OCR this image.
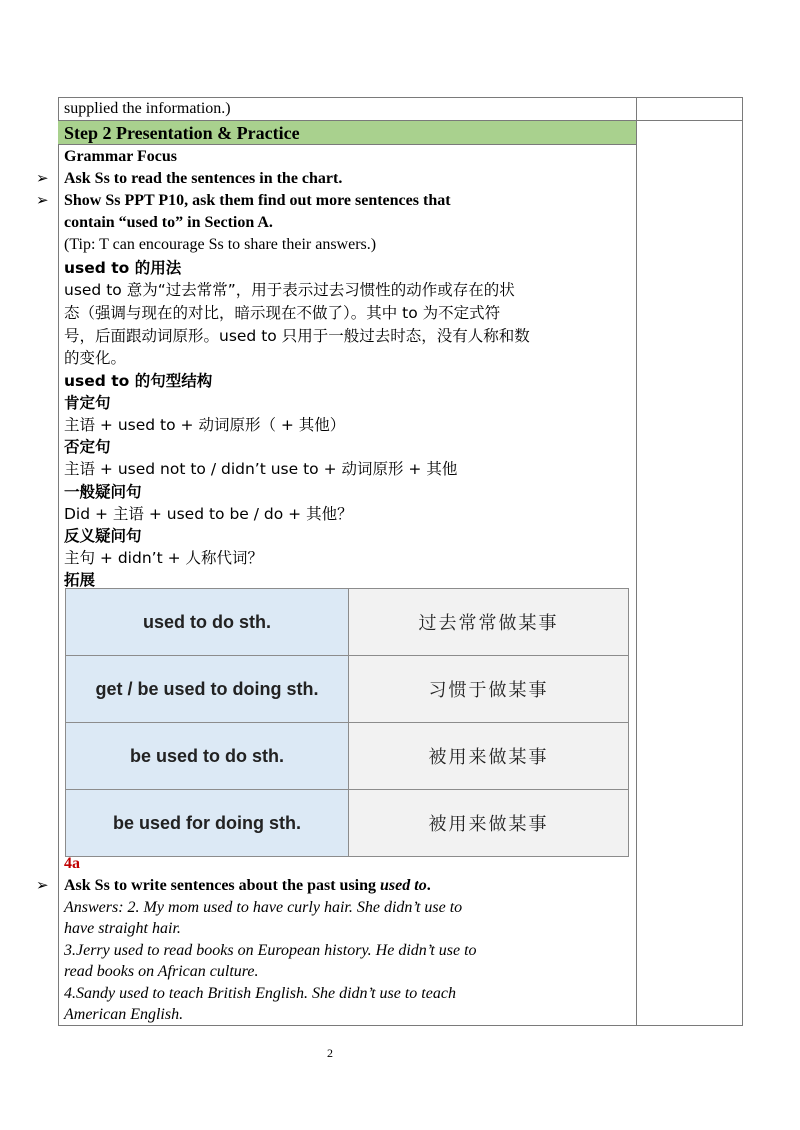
supplied the information.)
Step 2 Presentation & Practice
Grammar Focus
➢ Ask Ss to read the sentences in the chart.
➢ Show Ss PPT P10, ask them find out more sentences that
contain “used to” in Section A.
(Tip: T can encourage Ss to share their answers.)
used to 的用法
used to 意为“过去常常”，用于表示过去习惯性的动作或存在的状
态（强调与现在的对比，暗示现在不做了）。其中 to 为不定式符
号，后面跟动词原形。used to 只用于一般过去时态，没有人称和数
的变化。
used to 的句型结构
肯定句
主语 + used to + 动词原形（ + 其他）
否定句
主语 + used not to / didn’t use to + 动词原形 + 其他
一般疑问句
Did + 主语 + used to be / do + 其他？
反义疑问句
主句 + didn’t + 人称代词？
拓展
used to do sth.	过去常常做某事
get / be used to doing sth.	习惯于做某事
be used to do sth.	被用来做某事
be used for doing sth.	被用来做某事
4a
➢ Ask Ss to write sentences about the past using used to.
Answers: 2. My mom used to have curly hair. She didn’t use to
have straight hair.
3.Jerry used to read books on European history. He didn’t use to
read books on African culture.
4.Sandy used to teach British English. She didn’t use to teach
American English.
2
